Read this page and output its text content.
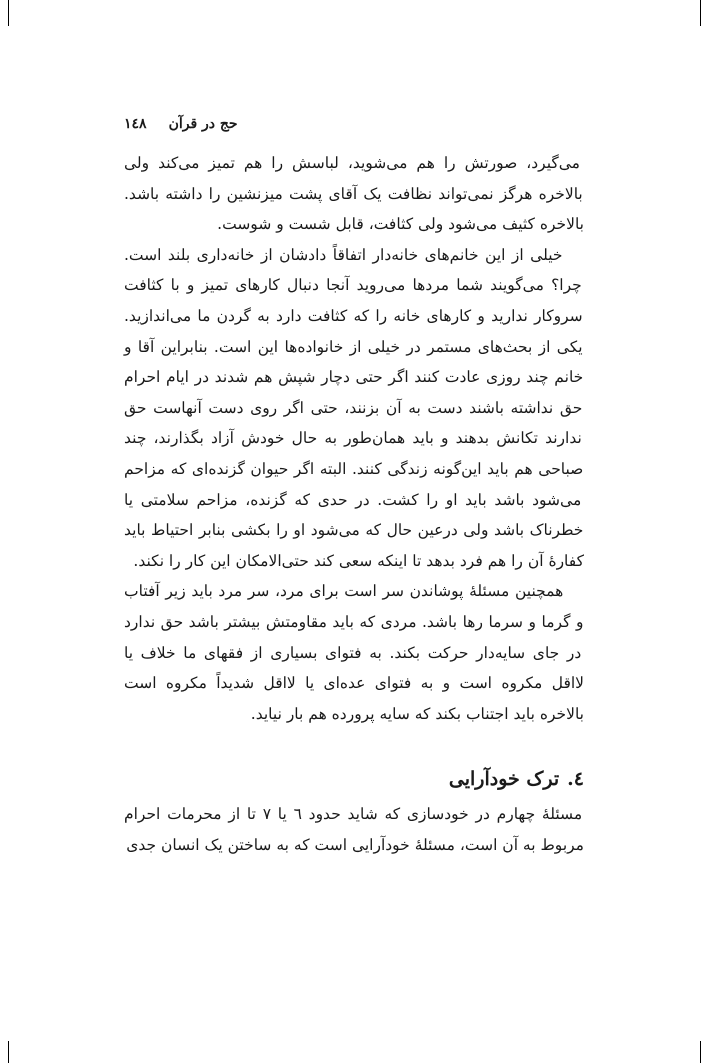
حج در قرآن
١٤٨

می‌گیرد، صورتش را هم می‌شوید، لباسش را هم تمیز می‌کند ولی بالاخره هرگز نمی‌تواند نظافت یک آقای پشت میزنشین را داشته باشد. بالاخره کثیف می‌شود ولی کثافت، قابل شست و شوست.

خیلی از این خانم‌های خانه‌دار اتفاقاً دادشان از خانه‌داری بلند است. چرا؟ می‌گویند شما مردها می‌روید آنجا دنبال کارهای تمیز و با کثافت سروکار ندارید و کارهای خانه را که کثافت دارد به گردن ما می‌اندازید. یکی از بحث‌های مستمر در خیلی از خانواده‌ها این است. بنابراین آقا و خانم چند روزی عادت کنند اگر حتی دچار شپش هم شدند در ایام احرام حق نداشته باشند دست به آن بزنند، حتی اگر روی دست آنهاست حق ندارند تکانش بدهند و باید همان‌طور به حال خودش آزاد بگذارند، چند صباحی هم باید این‌گونه زندگی کنند. البته اگر حیوان گزنده‌ای که مزاحم می‌شود باشد باید او را کشت. در حدی که گزنده، مزاحم سلامتی یا خطرناک باشد ولی درعین حال که می‌شود او را بکشی بنابر احتیاط باید کفارهٔ آن را هم فرد بدهد تا اینکه سعی کند حتی‌الامکان این کار را نکند.

همچنین مسئلهٔ پوشاندن سر است برای مرد، سر مرد باید زیر آفتاب و گرما و سرما رها باشد. مردی که باید مقاومتش بیشتر باشد حق ندارد در جای سایه‌دار حرکت بکند. به فتوای بسیاری از فقهای ما خلاف یا لااقل مکروه است و به فتوای عده‌ای یا لااقل شدیداً مکروه است بالاخره باید اجتناب بکند که سایه پرورده هم بار نیاید.

٤.ترک خودآرایی

مسئلهٔ چهارم در خودسازی که شاید حدود ٦ یا ٧ تا از محرمات احرام مربوط به آن است، مسئلهٔ خودآرایی است که به ساختن یک انسان جدی
